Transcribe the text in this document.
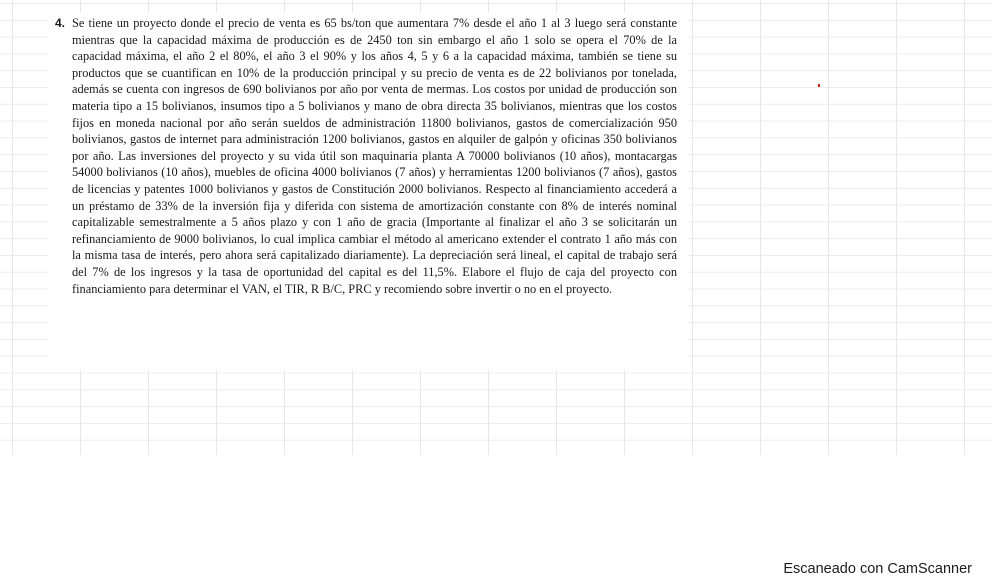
4. Se tiene un proyecto donde el precio de venta es 65 bs/ton que aumentara 7% desde el año 1 al 3 luego será constante mientras que la capacidad máxima de producción es de 2450 ton sin embargo el año 1 solo se opera el 70% de la capacidad máxima, el año 2 el 80%, el año 3 el 90% y los años 4, 5 y 6 a la capacidad máxima, también se tiene su productos que se cuantifican en 10% de la producción principal y su precio de venta es de 22 bolivianos por tonelada, además se cuenta con ingresos de 690 bolivianos por año por venta de mermas. Los costos por unidad de producción son materia tipo a 15 bolivianos, insumos tipo a 5 bolivianos y mano de obra directa 35 bolivianos, mientras que los costos fijos en moneda nacional por año serán sueldos de administración 11800 bolivianos, gastos de comercialización 950 bolivianos, gastos de internet para administración 1200 bolivianos, gastos en alquiler de galpón y oficinas 350 bolivianos por año. Las inversiones del proyecto y su vida útil son maquinaria planta A 70000 bolivianos (10 años), montacargas 54000 bolivianos (10 años), muebles de oficina 4000 bolivianos (7 años) y herramientas 1200 bolivianos (7 años), gastos de licencias y patentes 1000 bolivianos y gastos de Constitución 2000 bolivianos. Respecto al financiamiento accederá a un préstamo de 33% de la inversión fija y diferida con sistema de amortización constante con 8% de interés nominal capitalizable semestralmente a 5 años plazo y con 1 año de gracia (Importante al finalizar el año 3 se solicitarán un refinanciamiento de 9000 bolivianos, lo cual implica cambiar el método al americano extender el contrato 1 año más con la misma tasa de interés, pero ahora será capitalizado diariamente). La depreciación será lineal, el capital de trabajo será del 7% de los ingresos y la tasa de oportunidad del capital es del 11,5%. Elabore el flujo de caja del proyecto con financiamiento para determinar el VAN, el TIR, R B/C, PRC y recomiendo sobre invertir o no en el proyecto.
Escaneado con CamScanner
